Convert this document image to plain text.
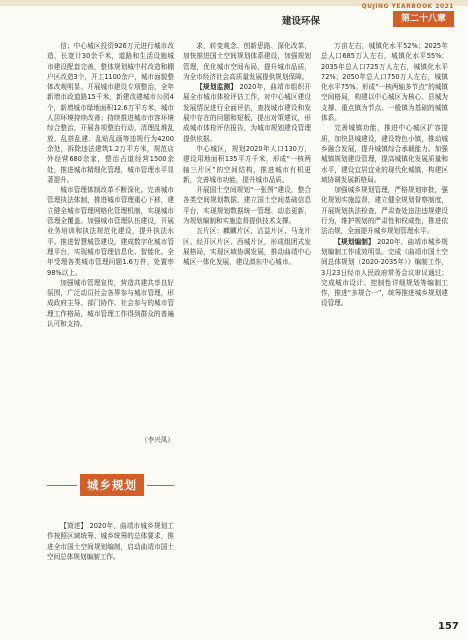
QUJING YEARBOOK 2021
建设环保	第二十八章

信；中心城区投资926万元进行城市改造，长宽计30余千米，道路和生活设施城市建设配套完善，整体规划城中村改造和棚户区改造3个，开工1100余户，城市面貌整体改观明显。开展城市建设专项整治，全年新增市政道路15千米，新建改建城市公园4个，新增城市绿地面积12.6万平方米，城市人居环境持续改善；持续推进城市市容环境综合整治，开展各项整治行动，清理乱堆乱放、乱搭乱建、乱贴乱画等违规行为4200余处，拆除违法建筑1.2万平方米，规范店外经营680余家，整治占道经营1500余处，推进城市精细化管理，城市管理水平显著提升。

城市管理体制改革不断深化。完善城市管理执法体制，推进城市管理重心下移，建立健全城市管理网格化管理机制，实现城市管理全覆盖。加强城市管理队伍建设，开展业务培训和执法规范化建设，提升执法水平。推进智慧城管建设，建成数字化城市管理平台，实现城市管理信息化、智能化。全年受理各类城市管理问题1.6万件，处置率98%以上。

加强城市管理宣传，营造共建共享良好氛围，广泛动员社会各界参与城市管理，形成政府主导、部门协作、社会参与的城市管理工作格局，城市管理工作得到群众的普遍认可和支持。

（李兴凤）
城乡规划

【简述】 2020年，曲靖市城乡规划工作按照区域统筹、城乡统筹的总体要求，推进全市国土空间规划编制，启动曲靖市国土空间总体规划编制工作。

求，转变观念、创新思路、深化改革，加快推进国土空间规划体系建设，加强规划管理，优化城市空间布局，提升城市品质，为全市经济社会高质量发展提供规划保障。

【规划监测】 2020年，曲靖市组织开展全市城市体检评估工作，对中心城区建设发展情况进行全面评估，查找城市建设和发展中存在的问题和短板，提出对策建议，形成城市体检评估报告，为城市规划建设管理提供依据。

中心城区，规划2020年人口130万，建设用地面积135平方千米，形成“一核两轴三片区”的空间结构，推进城市有机更新，完善城市功能，提升城市品质。

开展国土空间规划“一张图”建设，整合各类空间规划数据，建立国土空间基础信息平台，实现规划数据统一管理、动态更新，为规划编制和实施监督提供技术支撑。

五片区：麒麟片区、沾益片区、马龙片区、经开区片区、西城片区，形成组团式发展格局，实现区域协调发展，推动曲靖中心城区一体化发展，建设滇东中心城市。

万亩左右，城镇化水平52%；2025年总人口685万人左右，城镇化水平55%；2035年总人口725万人左右，城镇化水平72%；2050年总人口750万人左右，城镇化水平75%。形成“一核两轴多节点”的城镇空间格局，构建以中心城区为核心、县城为支撑、重点镇为节点、一般镇为基础的城镇体系。

完善城镇功能，推进中心城区扩容提质，加快县城建设，建设特色小镇，推动城乡融合发展，提升城镇综合承载能力。加强城镇规划建设管理，提高城镇化发展质量和水平，建设宜居宜业的现代化城镇，构建区域协调发展新格局。

加强城乡规划管理，严格规划审批，强化规划实施监督，建立健全规划督察制度，开展规划执法检查，严肃查处违法违规建设行为，维护规划的严肃性和权威性，推进依法治规，全面提升城乡规划管理水平。

【规划编制】 2020年，曲靖市城乡规划编制工作成效明显。完成《曲靖市国土空间总体规划（2020-2035年）》编制工作，3月23日经市人民政府常务会议审议通过；完成城市设计、控制性详细规划等编制工作，推进“多规合一”，统筹推进城乡规划建设管理。

157
